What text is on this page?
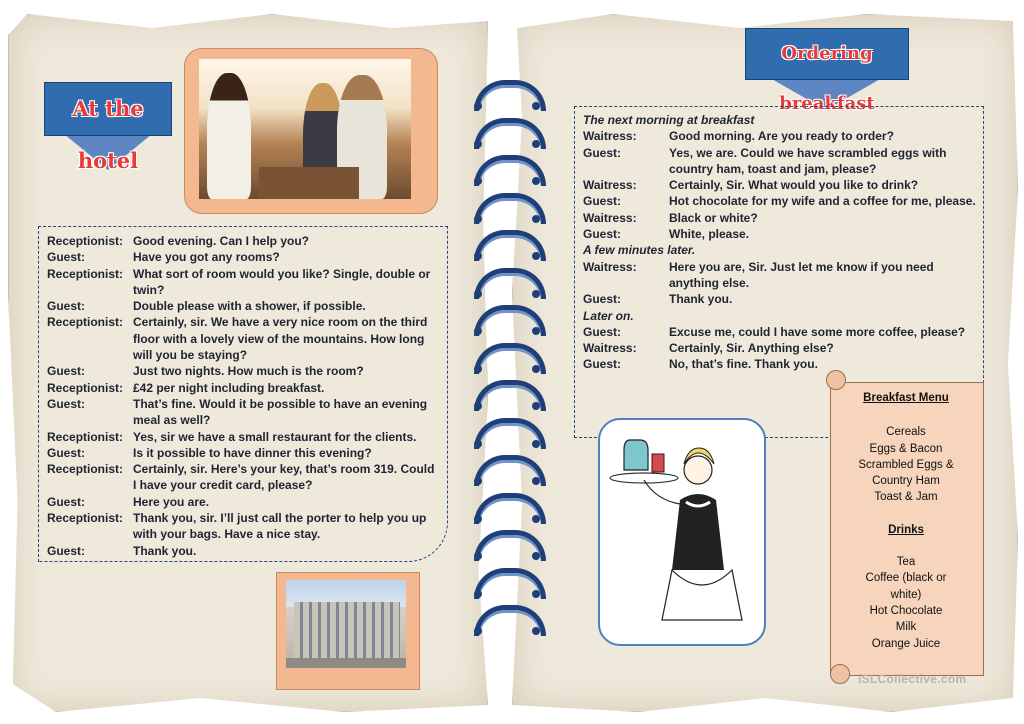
At the hotel
Receptionist: Good evening. Can I help you?
Guest:	Have you got any rooms?
Receptionist: What sort of room would you like? Single, double or twin?
Guest:	Double please with a shower, if possible.
Receptionist: Certainly, sir. We have a very nice room on the third floor with a lovely view of the mountains. How long will you be staying?
Guest:	Just two nights. How much is the room?
Receptionist: £42 per night including breakfast.
Guest:	That’s fine. Would it be possible to have an evening meal as well?
Receptionist: Yes, sir we have a small restaurant for the clients.
Guest:	Is it possible to have dinner this evening?
Receptionist: Certainly, sir. Here’s your key, that’s room 319. Could I have your credit card, please?
Guest:	Here you are.
Receptionist: Thank you, sir. I’ll just call the porter to help you up with your bags. Have a nice stay.
Guest:	Thank you.
Ordering breakfast
The next morning at breakfast
Waitress:	Good morning. Are you ready to order?
Guest:	Yes, we are. Could we have scrambled eggs with country ham, toast and jam, please?
Waitress:	Certainly, Sir. What would you like to drink?
Guest:	Hot chocolate for my wife and a coffee for me, please.
Waitress:	Black or white?
Guest:	White, please.
A few minutes later.
Waitress:	Here you are, Sir. Just let me know if you need anything else.
Guest:	Thank you.
Later on.
Guest:	Excuse me, could I have some more coffee, please?
Waitress:	Certainly, Sir. Anything else?
Guest:	No, that’s fine. Thank you.
Breakfast Menu
Cereals
Eggs & Bacon
Scrambled Eggs &
Country Ham
Toast & Jam
Drinks
Tea
Coffee (black or
white)
Hot Chocolate
Milk
Orange Juice
iSLCollective.com
